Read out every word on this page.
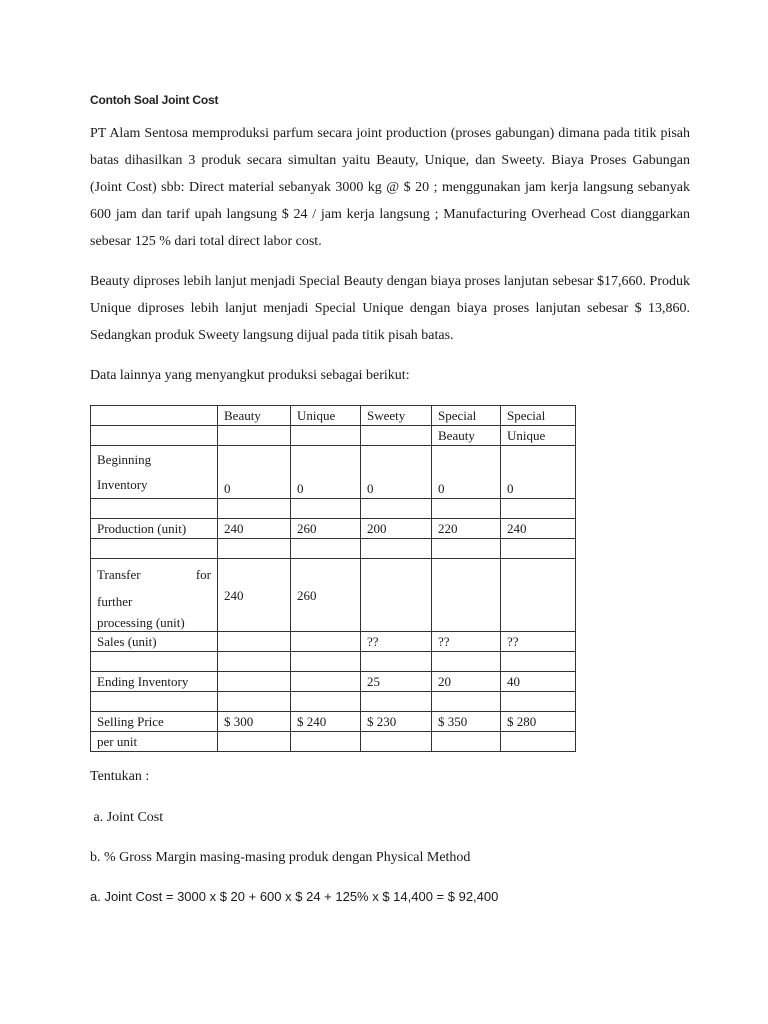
Contoh Soal Joint Cost

PT Alam Sentosa memproduksi parfum secara joint production (proses gabungan) dimana pada titik pisah batas dihasilkan 3 produk secara simultan yaitu Beauty, Unique, dan Sweety. Biaya Proses Gabungan (Joint Cost) sbb: Direct material sebanyak 3000 kg @ $ 20 ; menggunakan jam kerja langsung sebanyak 600 jam dan tarif upah langsung $ 24 / jam kerja langsung ; Manufacturing Overhead Cost dianggarkan sebesar 125 % dari total direct labor cost.

Beauty diproses lebih lanjut menjadi Special Beauty dengan biaya proses lanjutan sebesar $17,660. Produk Unique diproses lebih lanjut menjadi Special Unique dengan biaya proses lanjutan sebesar $ 13,860. Sedangkan produk Sweety langsung dijual pada titik pisah batas.

Data lainnya yang menyangkut produksi sebagai berikut:

	Beauty	Unique	Sweety	Special	Special
				Beauty	Unique

Beginning
Inventory	0	0	0	0	0

Production (unit)	240	260	200	220	240

Transfer for
further
processing (unit)	240	260			
Sales (unit)			??	??	??

Ending Inventory			25	20	40

Selling Price	$ 300	$ 240	$ 230	$ 350	$ 280
per unit					
Tentukan :
a. Joint Cost
b. % Gross Margin masing-masing produk dengan Physical Method
a. Joint Cost = 3000 x $ 20 + 600 x $ 24 + 125% x $ 14,400 = $ 92,400
